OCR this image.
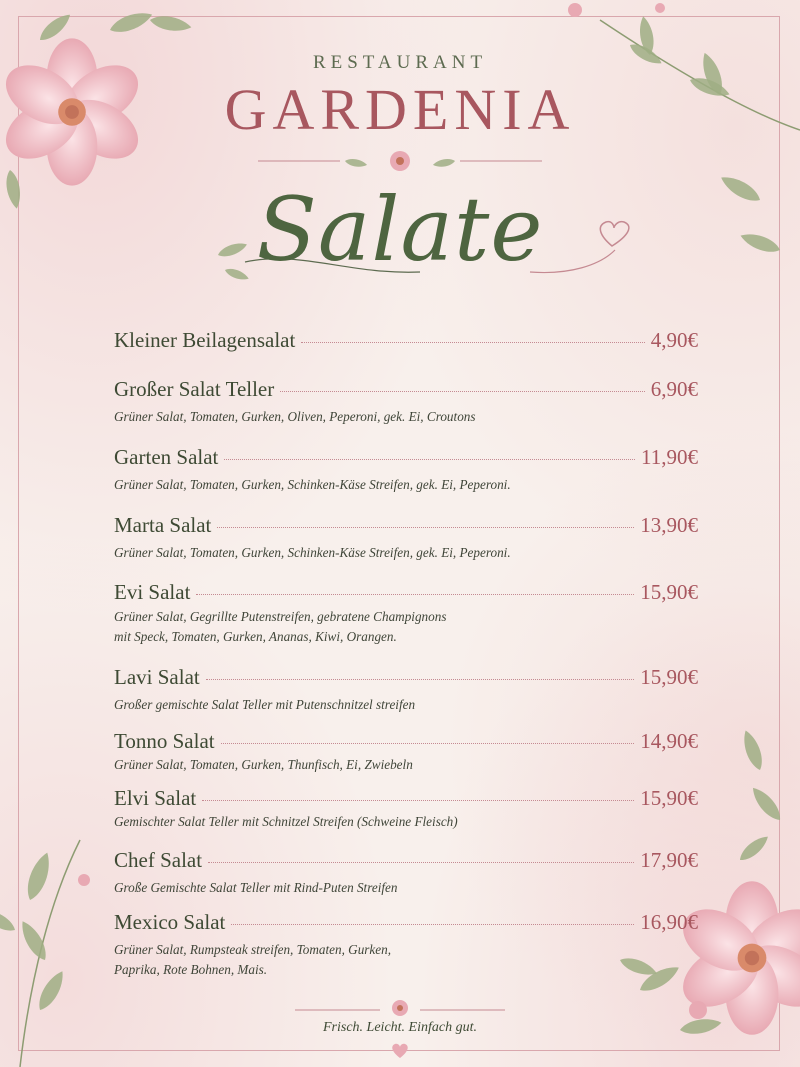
RESTAURANT
GARDENIA
Salate
Kleiner Beilagensalat	4,90€
Großer Salat Teller	6,90€
Grüner Salat, Tomaten, Gurken, Oliven, Peperoni, gek. Ei, Croutons
Garten Salat	11,90€
Grüner Salat, Tomaten, Gurken, Schinken-Käse Streifen, gek. Ei, Peperoni.
Marta Salat	13,90€
Grüner Salat, Tomaten, Gurken, Schinken-Käse Streifen, gek. Ei, Peperoni.
Evi Salat	15,90€
Grüner Salat, Gegrillte Putenstreifen, gebratene Champignons
mit Speck, Tomaten, Gurken, Ananas, Kiwi, Orangen.
Lavi Salat	15,90€
Großer gemischte Salat Teller mit Putenschnitzel streifen
Tonno Salat	14,90€
Grüner Salat, Tomaten, Gurken, Thunfisch, Ei, Zwiebeln
Elvi Salat	15,90€
Gemischter Salat Teller mit Schnitzel Streifen (Schweine Fleisch)
Chef Salat	17,90€
Große Gemischte Salat Teller mit Rind-Puten Streifen
Mexico Salat	16,90€
Grüner Salat, Rumpsteak streifen, Tomaten, Gurken,
Paprika, Rote Bohnen, Mais.
Frisch. Leicht. Einfach gut.
